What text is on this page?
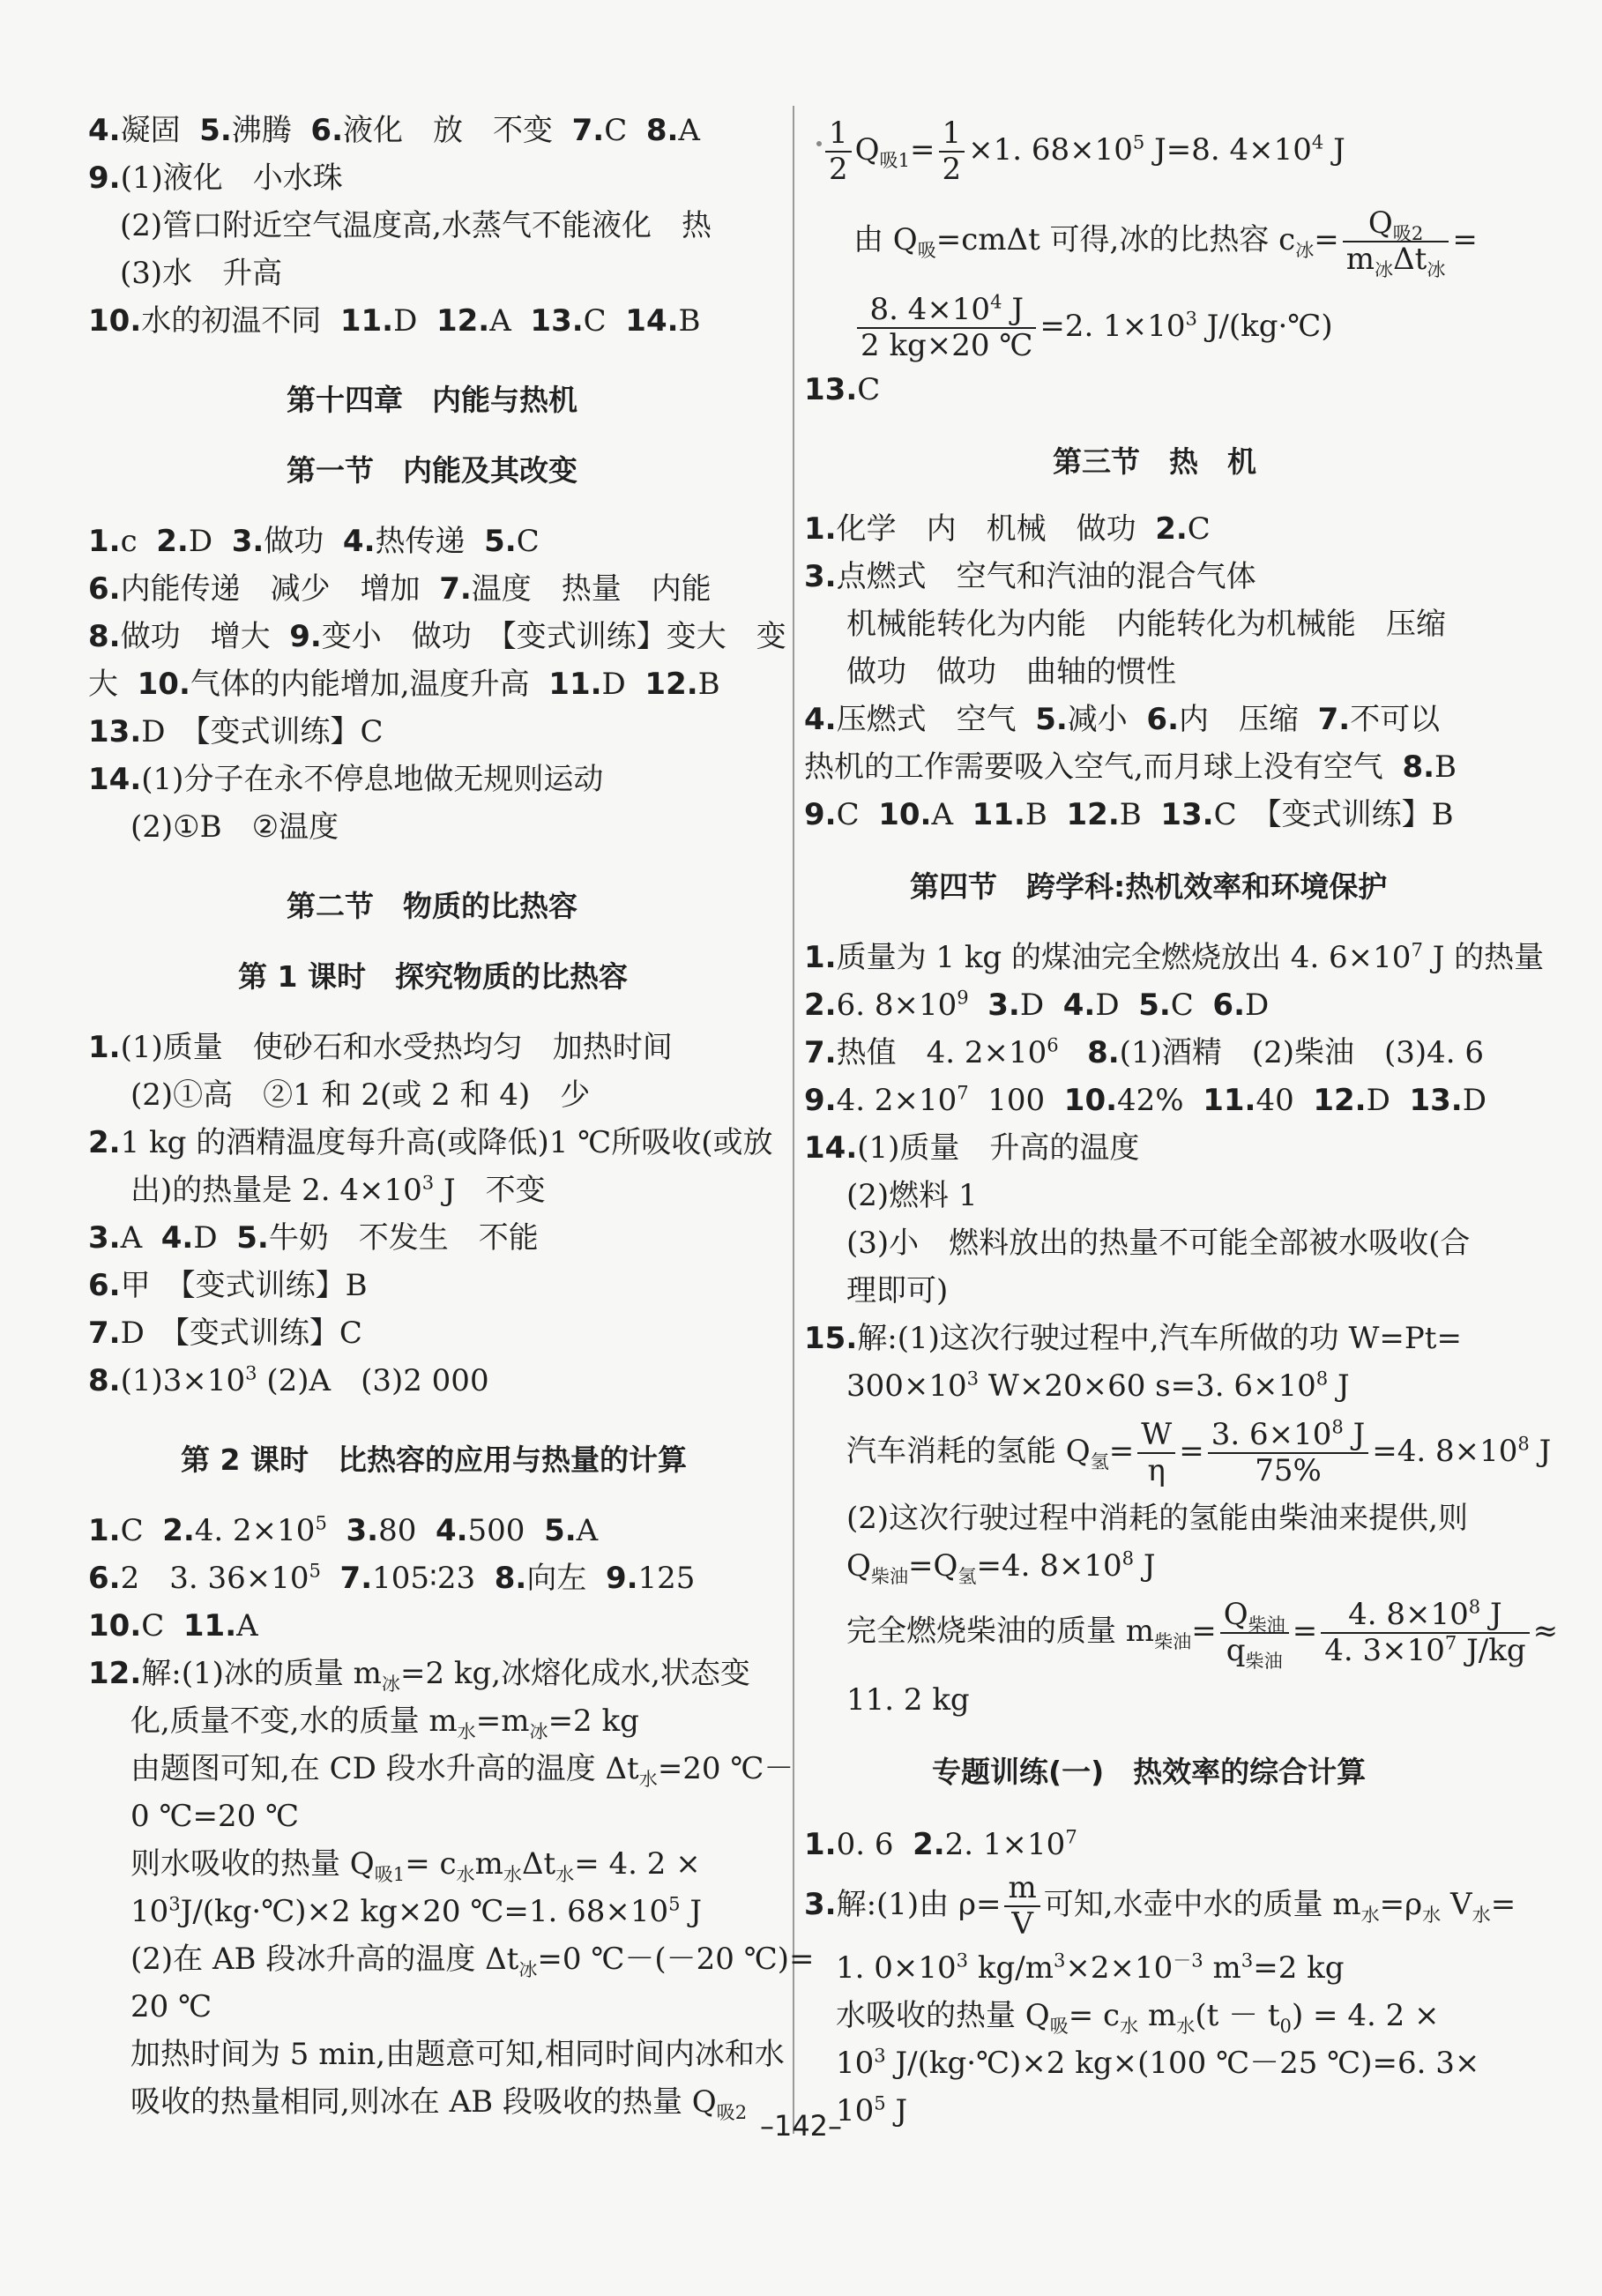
4.凝固 5.沸腾 6.液化　放　不变 7.C 8.A
9.(1)液化　小水珠
(2)管口附近空气温度高,水蒸气不能液化　热
(3)水　升高
10.水的初温不同 11.D 12.A 13.C 14.B
第十四章　内能与热机
第一节　内能及其改变
1.c 2.D 3.做功 4.热传递 5.C
6.内能传递　减少　增加 7.温度　热量　内能
8.做功　增大 9.变小　做功　【变式训练】变大　变
大 10.气体的内能增加,温度升高 11.D 12.B
13.D　【变式训练】C
14.(1)分子在永不停息地做无规则运动
(2)①B　②温度
第二节　物质的比热容
第 1 课时　探究物质的比热容
1.(1)质量　使砂石和水受热均匀　加热时间
(2)①高　②1 和 2(或 2 和 4)　少
2.1 kg 的酒精温度每升高(或降低)1 ℃所吸收(或放
出)的热量是 2. $4\times 10^3$ J　不变
3.A 4.D 5.牛奶　不发生　不能
6.甲　【变式训练】B
7.D　【变式训练】C
$8.(1)3\times 10^3$ (2)A　(3)2 000
第 2 课时　比热容的应用与热量的计算
1.C 2.4. $2\times 10^5$ 3.80 4.500 5.A
6.2　3. $36\times 10^5$ 7.105∶23 8.向左 9.125
10.C 11.A
12.解:(1)冰的质量 $m_冰=2$ kg,冰熔化成水,状态变
化,质量不变,水的质量 $m_水=m_冰=2$ kg
由题图可知,在 CD 段水升高的温度 $\Delta t_水=20$ ℃－
0 ℃=20 ℃
则水吸收的热量 $Q_{吸1}= c_水m_水\Delta t_水= 4$. 2 ×
$10^3J/(kg\cdot℃)\times 2$ kg×20 ℃=1. $68\times 10^5$ J
(2)在 AB 段冰升高的温度 $\Delta t_冰=0$ ℃－(－20 ℃)=
20 ℃
加热时间为 5 min,由题意可知,相同时间内冰和水
吸收的热量相同,则冰在 AB 段吸收的热量 $Q_{吸2}$
$\frac{1}{2} Q_{吸1}= \frac{1}{2} \times 1$. $68\times 10^5$ J=8. $4\times 10^4$ J
由 $Q_吸=cm\Delta t$ 可得,冰的比热容 $c_冰= \frac{Q_{吸2}}{m_冰\Delta t_冰}$ =
$\frac{8. 4\times 10^4 J}{2 kg\times 20 ℃} =2$. $1\times 10^3$ J/(kg·℃)
13.C
第三节　热　机
1.化学　内　机械　做功 2.C
3.点燃式　空气和汽油的混合气体
机械能转化为内能　内能转化为机械能　压缩
做功　做功　曲轴的惯性
4.压燃式　空气 5.减小 6.内　压缩 7.不可以
热机的工作需要吸入空气,而月球上没有空气 8.B
9.C 10.A 11.B 12.B 13.C　【变式训练】B
第四节　跨学科:热机效率和环境保护
1.质量为 1 kg 的煤油完全燃烧放出 4. $6\times 10^7$ J 的热量
2.6. $8\times 10^9$ 3.D 4.D 5.C 6.D
7.热值　4. $2\times 10^6$ 8.(1)酒精　(2)柴油　(3)4. 6
9.4. $2\times 10^7$ 100 10.42% 11.40 12.D 13.D
14.(1)质量　升高的温度
(2)燃料 1
(3)小　燃料放出的热量不可能全部被水吸收(合
理即可)
15.解:(1)这次行驶过程中,汽车所做的功 W=Pt=
$300\times 10^3$ W×20×60 s=3. $6\times 10^8$ J
汽车消耗的氢能 $Q_氢= \frac{W}{\eta} = \frac{3. 6\times 10^8 J}{75\%} =4$. $8\times 10^8$ J
(2)这次行驶过程中消耗的氢能由柴油来提供,则
$Q_{柴油}=Q_氢=4$. $8\times 10^8$ J
完全燃烧柴油的质量 $m_{柴油}= \frac{Q_{柴油}}{q_{柴油}} = \frac{4. 8\times 10^8 J}{4. 3\times 10^7 J/kg}$ ≈
11. 2 kg
专题训练(一)　热效率的综合计算
1.0. 6 2.2. $1\times 10^7$
3.解:(1)由 $\rho= \frac{m}{V}$ 可知,水壶中水的质量 $m_水=\rho_水$ $V_水=$
1. $0\times 10^3$ $kg/m^3\times 2\times 10^{-3}$ $m^3=2$ kg
水吸收的热量 $Q_吸= c_水$ $m_水(t - t_0) = 4$. 2 ×
$10^3$ J/(kg·℃)×2 kg×(100 ℃－25 ℃)=6. 3×
$10^5$ J
–142–
